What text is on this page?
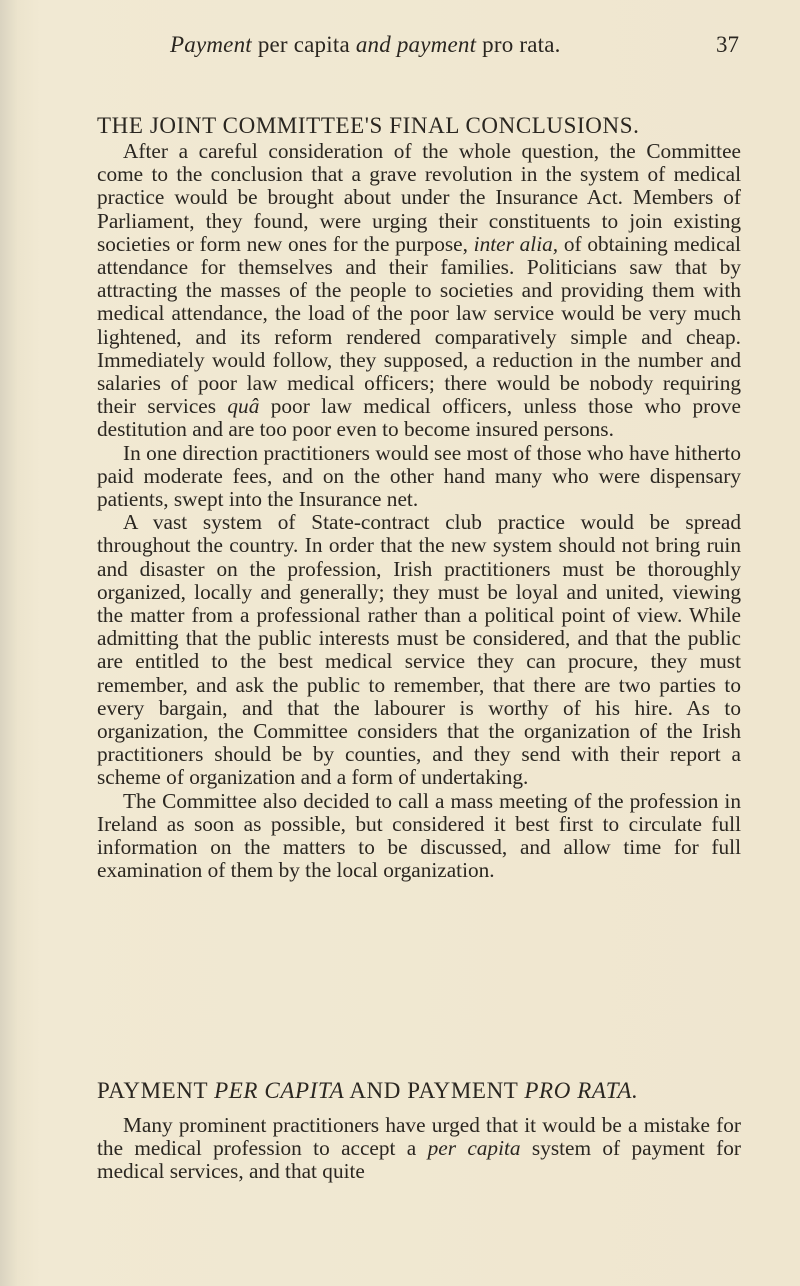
Payment per capita and payment pro rata.	37
THE JOINT COMMITTEE'S FINAL CONCLUSIONS.

After a careful consideration of the whole question, the Committee come to the conclusion that a grave revolution in the system of medical practice would be brought about under the Insurance Act. Members of Parliament, they found, were urging their constituents to join existing societies or form new ones for the purpose, inter alia, of obtaining medical attendance for themselves and their families. Politicians saw that by attracting the masses of the people to societies and providing them with medical attendance, the load of the poor law service would be very much lightened, and its reform rendered comparatively simple and cheap. Immediately would follow, they supposed, a reduction in the number and salaries of poor law medical officers; there would be nobody requiring their services quâ poor law medical officers, unless those who prove destitution and are too poor even to become insured persons.

In one direction practitioners would see most of those who have hitherto paid moderate fees, and on the other hand many who were dispensary patients, swept into the Insurance net.

A vast system of State-contract club practice would be spread throughout the country. In order that the new system should not bring ruin and disaster on the profession, Irish practitioners must be thoroughly organized, locally and generally; they must be loyal and united, viewing the matter from a professional rather than a political point of view. While admitting that the public interests must be considered, and that the public are entitled to the best medical service they can procure, they must remember, and ask the public to remember, that there are two parties to every bargain, and that the labourer is worthy of his hire. As to organization, the Committee considers that the organization of the Irish practitioners should be by counties, and they send with their report a scheme of organization and a form of undertaking.

The Committee also decided to call a mass meeting of the profession in Ireland as soon as possible, but considered it best first to circulate full information on the matters to be discussed, and allow time for full examination of them by the local organization.

PAYMENT PER CAPITA AND PAYMENT PRO RATA.

Many prominent practitioners have urged that it would be a mistake for the medical profession to accept a per capita system of payment for medical services, and that quite
